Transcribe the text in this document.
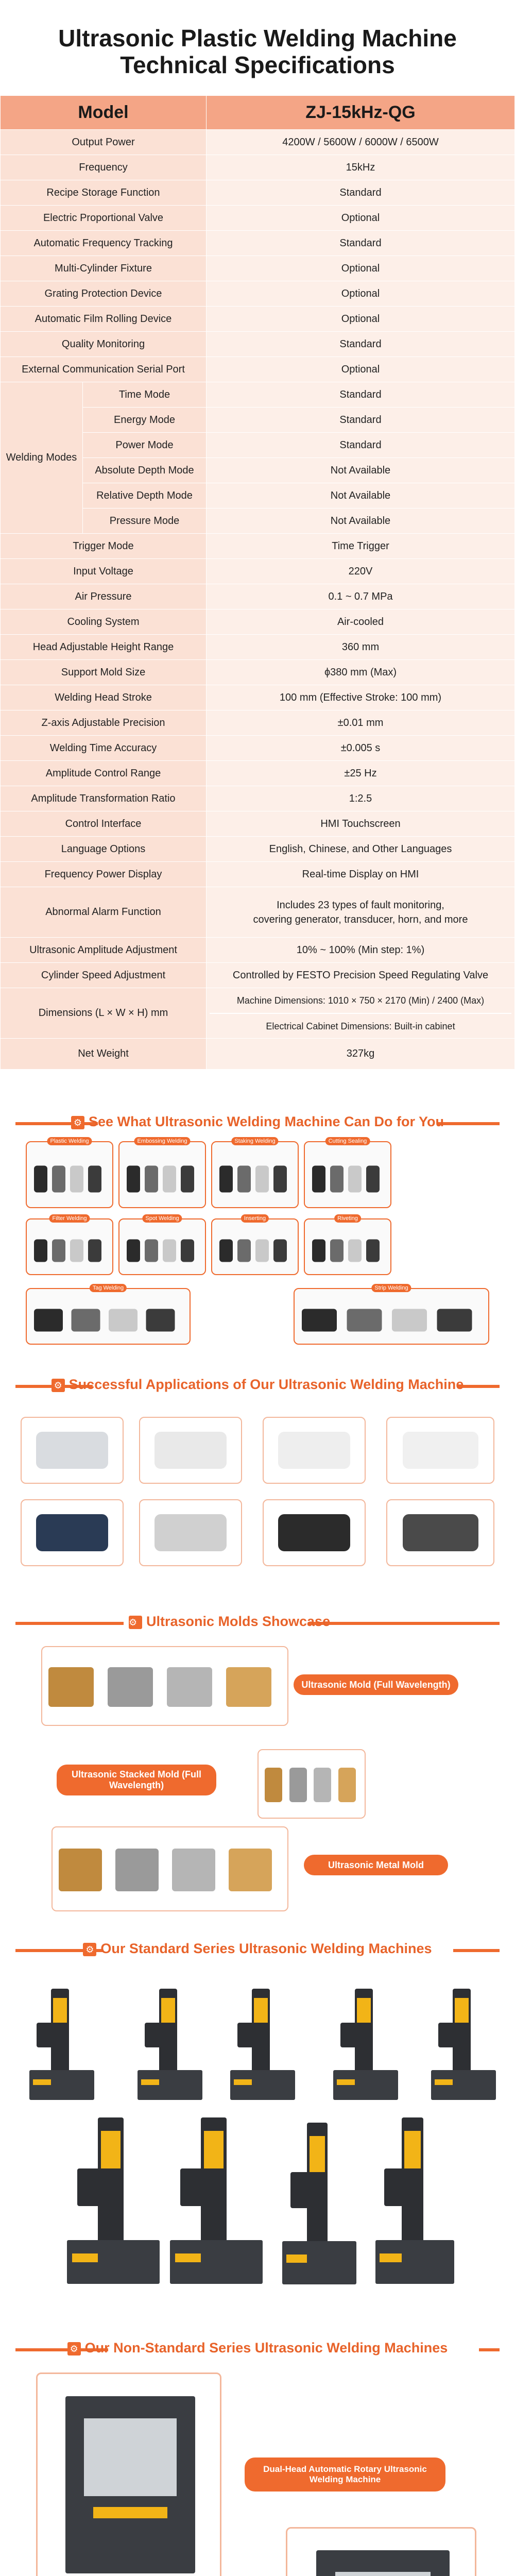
Ultrasonic Plastic Welding Machine
Technical Specifications
Model		ZJ-15kHz-QG
Output Power		4200W / 5600W / 6000W / 6500W
Frequency		15kHz
Recipe Storage Function		Standard
Electric Proportional Valve		Optional
Automatic Frequency Tracking		Standard
Multi-Cylinder Fixture		Optional
Grating Protection Device		Optional
Automatic Film Rolling Device		Optional
Quality Monitoring		Standard
External Communication Serial Port		Optional
Welding Modes	Time Mode	Standard
	Energy Mode	Standard
	Power Mode	Standard
	Absolute Depth Mode	Not Available
	Relative Depth Mode	Not Available
	Pressure Mode	Not Available
Trigger Mode		Time Trigger
Input Voltage		220V
Air Pressure		0.1 ~ 0.7 MPa
Cooling System		Air-cooled
Head Adjustable Height Range		360 mm
Support Mold Size		ϕ380 mm (Max)
Welding Head Stroke		100 mm (Effective Stroke: 100 mm)
Z-axis Adjustable Precision		±0.01 mm
Welding Time Accuracy		±0.005 s
Amplitude Control Range		±25 Hz
Amplitude Transformation Ratio		1:2.5
Control Interface		HMI Touchscreen
Language Options		English, Chinese, and Other Languages
Frequency Power Display		Real-time Display on HMI
Abnormal Alarm Function		Includes 23 types of fault monitoring,
covering generator, transducer, horn, and more

Ultrasonic Amplitude Adjustment		10% ~ 100% (Min step: 1%)
Cylinder Speed Adjustment		Controlled by FESTO Precision Speed Regulating Valve
Dimensions (L × W × H) mm		Machine Dimensions: 1010 × 750 × 2170 (Min) / 2400 (Max)
Electrical Cabinet Dimensions: Built-in cabinet

Net Weight		327kg
⚙ See What Ultrasonic Welding Machine Can Do for You
Plastic Welding	Embossing Welding	Staking Welding	Cutting Sealing
Filter Welding	Spot Welding	Inserting	Riveting
Tag Welding	Strip Welding
⚙ Successful Applications of Our Ultrasonic Welding Machine
⚙ Ultrasonic Molds Showcase
Ultrasonic Mold (Full Wavelength)
Ultrasonic Stacked Mold (Full Wavelength)
Ultrasonic Metal Mold
⚙ Our Standard Series Ultrasonic Welding Machines
⚙ Our Non-Standard Series Ultrasonic Welding Machines
Dual-Head Automatic Rotary Ultrasonic Welding Machine
